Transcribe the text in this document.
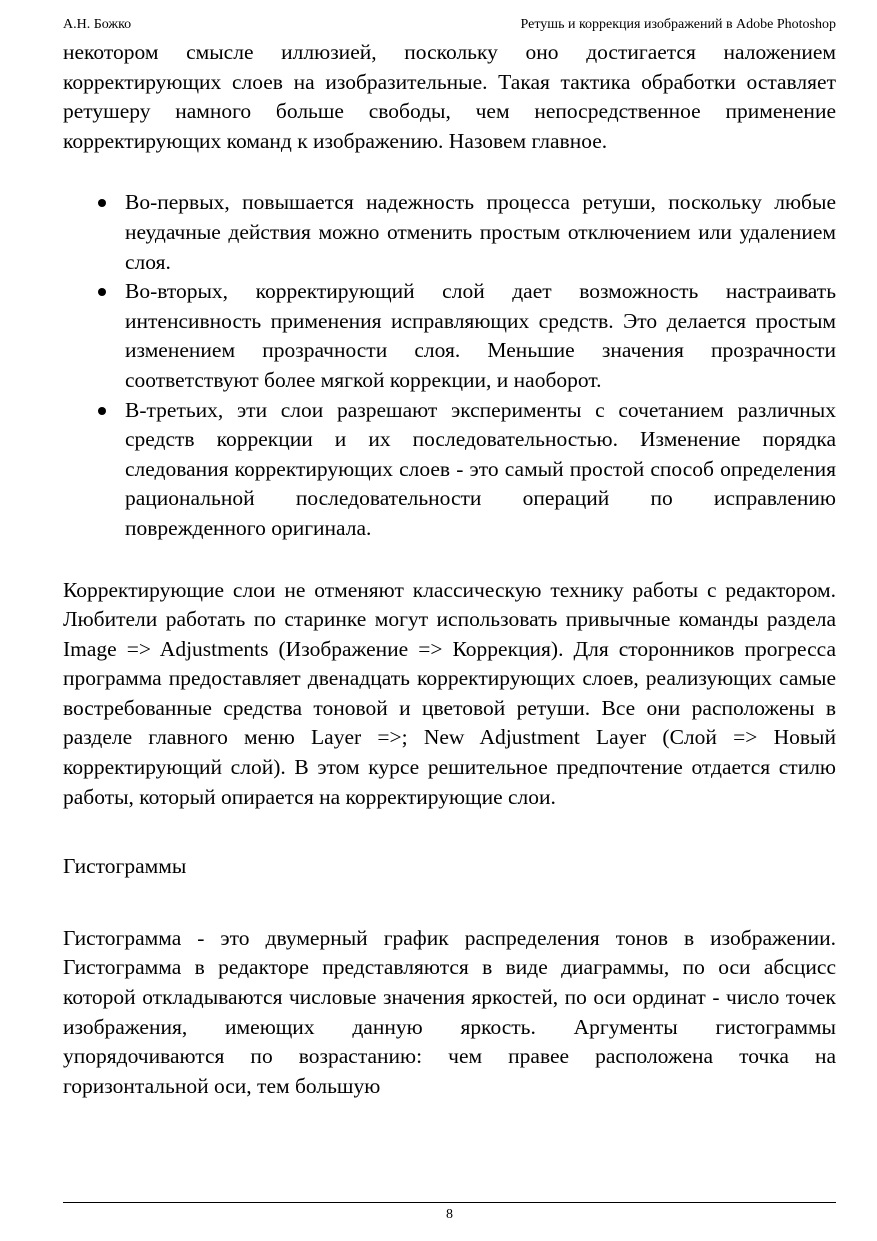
А.Н. Божко	Ретушь и коррекция изображений в Adobe Photoshop

некотором смысле иллюзией, поскольку оно достигается наложением корректирующих слоев на изобразительные. Такая тактика обработки оставляет ретушеру намного больше свободы, чем непосредственное применение корректирующих команд к изображению. Назовем главное.

Во-первых, повышается надежность процесса ретуши, поскольку любые неудачные действия можно отменить простым отключением или удалением слоя.
Во-вторых, корректирующий слой дает возможность настраивать интенсивность применения исправляющих средств. Это делается простым изменением прозрачности слоя. Меньшие значения прозрачности соответствуют более мягкой коррекции, и наоборот.
В-третьих, эти слои разрешают эксперименты с сочетанием различных средств коррекции и их последовательностью. Изменение порядка следования корректирующих слоев - это самый простой способ определения рациональной последовательности операций по исправлению поврежденного оригинала.

Корректирующие слои не отменяют классическую технику работы с редактором. Любители работать по старинке могут использовать привычные команды раздела Image => Adjustments (Изображение => Коррекция). Для сторонников прогресса программа предоставляет двенадцать корректирующих слоев, реализующих самые востребованные средства тоновой и цветовой ретуши. Все они расположены в разделе главного меню Layer =>; New Adjustment Layer (Слой => Новый корректирующий слой). В этом курсе решительное предпочтение отдается стилю работы, который опирается на корректирующие слои.

Гистограммы

Гистограмма - это двумерный график распределения тонов в изображении. Гистограмма в редакторе представляются в виде диаграммы, по оси абсцисс которой откладываются числовые значения яркостей, по оси ординат - число точек изображения, имеющих данную яркость. Аргументы гистограммы упорядочиваются по возрастанию: чем правее расположена точка на горизонтальной оси, тем большую

8
